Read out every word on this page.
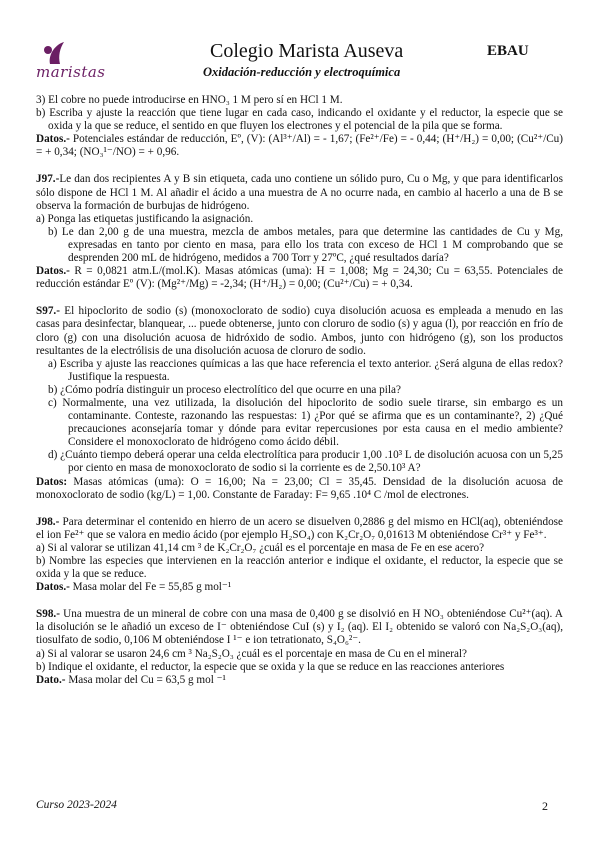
maristas
Colegio Marista Auseva	EBAU
Oxidación-reducción y electroquímica

3) El cobre no puede introducirse en HNO₃ 1 M pero sí en HCl 1 M.

b) Escriba y ajuste la reacción que tiene lugar en cada caso, indicando el oxidante y el reductor, la especie que se oxida y la que se reduce, el sentido en que fluyen los electrones y el potencial de la pila que se forma.

Datos.- Potenciales estándar de reducción, Eº, (V): (Al³⁺/Al) = - 1,67; (Fe²⁺/Fe) = - 0,44; (H⁺/H₂) = 0,00; (Cu²⁺/Cu) = + 0,34; (NO₃¹⁻/NO) = + 0,96.

J97.-Le dan dos recipientes A y B sin etiqueta, cada uno contiene un sólido puro, Cu o Mg, y que para identificarlos sólo dispone de HCl 1 M. Al añadir el ácido a una muestra de A no ocurre nada, en cambio al hacerlo a una de B se observa la formación de burbujas de hidrógeno.

a) Ponga las etiquetas justificando la asignación.

b) Le dan 2,00 g de una muestra, mezcla de ambos metales, para que determine las cantidades de Cu y Mg, expresadas en tanto por ciento en masa, para ello los trata con exceso de HCl 1 M comprobando que se desprenden 200 mL de hidrógeno, medidos a 700 Torr y 27ºC, ¿qué resultados daría?

Datos.- R = 0,0821 atm.L/(mol.K). Masas atómicas (uma): H = 1,008; Mg = 24,30; Cu = 63,55. Potenciales de reducción estándar Eº (V): (Mg²⁺/Mg) = -2,34; (H⁺/H₂) = 0,00; (Cu²⁺/Cu) = + 0,34.

S97.- El hipoclorito de sodio (s) (monoxoclorato de sodio) cuya disolución acuosa es empleada a menudo en las casas para desinfectar, blanquear, ... puede obtenerse, junto con cloruro de sodio (s) y agua (l), por reacción en frío de cloro (g) con una disolución acuosa de hidróxido de sodio. Ambos, junto con hidrógeno (g), son los productos resultantes de la electrólisis de una disolución acuosa de cloruro de sodio.

a) Escriba y ajuste las reacciones químicas a las que hace referencia el texto anterior. ¿Será alguna de ellas redox? Justifique la respuesta.

b) ¿Cómo podría distinguir un proceso electrolítico del que ocurre en una pila?

c) Normalmente, una vez utilizada, la disolución del hipoclorito de sodio suele tirarse, sin embargo es un contaminante. Conteste, razonando las respuestas: 1) ¿Por qué se afirma que es un contaminante?, 2) ¿Qué precauciones aconsejaría tomar y dónde para evitar repercusiones por esta causa en el medio ambiente? Considere el monoxoclorato de hidrógeno como ácido débil.

d) ¿Cuánto tiempo deberá operar una celda electrolítica para producir 1,00 .10³ L de disolución acuosa con un 5,25 por ciento en masa de monoxoclorato de sodio si la corriente es de 2,50.10³ A?

Datos: Masas atómicas (uma): O = 16,00; Na = 23,00; Cl = 35,45. Densidad de la disolución acuosa de monoxoclorato de sodio (kg/L) = 1,00. Constante de Faraday: F= 9,65 .10⁴ C /mol de electrones.

J98.- Para determinar el contenido en hierro de un acero se disuelven 0,2886 g del mismo en HCl(aq), obteniéndose el ion Fe²⁺ que se valora en medio ácido (por ejemplo H₂SO₄) con K₂Cr₂O₇ 0,01613 M obteniéndose Cr³⁺ y Fe³⁺.

a) Si al valorar se utilizan 41,14 cm ³ de K₂Cr₂O₇ ¿cuál es el porcentaje en masa de Fe en ese acero?

b) Nombre las especies que intervienen en la reacción anterior e indique el oxidante, el reductor, la especie que se oxida y la que se reduce.

Datos.- Masa molar del Fe = 55,85 g mol⁻¹

S98.- Una muestra de un mineral de cobre con una masa de 0,400 g se disolvió en H NO₃ obteniéndose Cu²⁺(aq). A la disolución se le añadió un exceso de I⁻ obteniéndose CuI (s) y I₂ (aq). El I₂ obtenido se valoró con Na₂S₂O₃(aq), tiosulfato de sodio, 0,106 M obteniéndose I ¹⁻ e ion tetrationato, S₄O₆²⁻.

a) Si al valorar se usaron 24,6 cm ³ Na₂S₂O₃ ¿cuál es el porcentaje en masa de Cu en el mineral?

b) Indique el oxidante, el reductor, la especie que se oxida y la que se reduce en las reacciones anteriores

Dato.- Masa molar del Cu = 63,5 g mol ⁻¹

Curso 2023-2024	2
